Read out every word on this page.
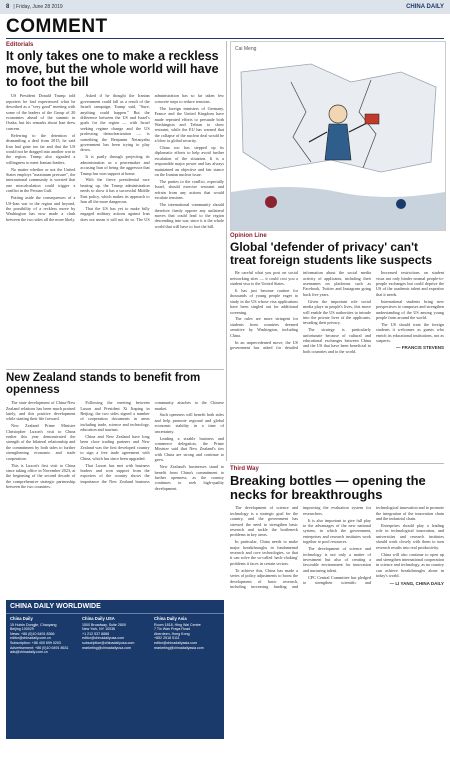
8 | Friday, June 28 2019	CHINA DAILY
COMMENT
Editorials
It only takes one to make a reckless move, but the whole world will have to foot the bill

US President Donald Trump told reporters he had experienced what he described as a "very good" meeting with some of the leaders of the Group of 20 economies ahead of the summit in Osaka, but his remarks about Iran drew concern.

Referring to the detention of dismantling a deal from 2015, he said Iran had gone too far and that the US would not be dragged into another war in the region. Trump also signaled a willingness to meet Iranian leaders.

No matter whether or not the United States employs "maximum pressure", the international community is worried that one miscalculation could trigger a conflict in the Persian Gulf.

Putting aside the consequences of a US-Iran war to the region and beyond, the possibility of a reckless move by Washington has now made a clash between the two sides all the more likely.

Asked if he thought the Iranian government could fall as a result of the Israeli campaign, Trump said, "Sure, anything could happen." But the difference between the US and Israel's goals for the region — with Israel seeking regime change and the US professing denuclearization — is something the Benjamin Netanyahu government has been trying to play down.

It is partly through projecting its administration as a peacemaker and accusing Iran of being the aggressor that Trump has won support at home.

With the fierce presidential race heating up, the Trump administration needs to show it has a successful Middle East policy, which makes its approach to Iran all the more dangerous.

That the US has yet to make fully engaged military actions against Iran does not mean it will not do so. The US administration has so far taken few concrete steps to reduce tensions.

The foreign ministers of Germany, France and the United Kingdom have made repeated efforts to persuade both Washington and Tehran to show restraint, while the EU has warned that the collapse of the nuclear deal would be a blow to global security.

China too has stepped up its diplomatic efforts to help avoid further escalation of the situation. It is a responsible major power and has always maintained an objective and fair stance on the Iranian nuclear issue.

The parties to the conflict, especially Israel, should exercise restraint and refrain from any actions that would escalate tensions.

The international community should therefore firmly oppose any unilateral moves that could lead to the region descending into war, since it is the whole world that will have to foot the bill.

Cai Meng
Opinion Line
Global 'defender of privacy' can't treat foreign students like suspects

Be careful what you post on social networking sites — it could cost you a student visa to the United States.

It has just become routine for thousands of young people eager to study in the US whose visa applications have been singled out for additional screening.

The rules are more stringent for students from countries deemed sensitive by Washington, including China.

In an unprecedented move, the US government has asked for detailed information about the social media activity of applicants, including their usernames on platforms such as Facebook, Twitter and Instagram going back five years.

Given the important role social media plays in people's lives, this move will enable the US authorities to intrude into the private lives of the applicants, invading their privacy.

The strategy is particularly unfortunate because of cultural and educational exchanges between China and the US that have been beneficial to both countries and to the world.

Increased restrictions on student visas not only hinder normal people-to-people exchanges but could deprive the US of the academic talent and expertise that it needs.

International students bring new perspectives to campuses and strengthen understanding of the US among young people from around the world.

The US should treat the foreign students it welcomes as guests who enrich its educational institutions, not as suspects.

— FRANCIS STEVENS
New Zealand stands to benefit from openness

The state development of China-New Zealand relations has been much praised lately, and this positive development while starting their life forward.

New Zealand Prime Minister Christopher Luxon's visit to China earlier this year demonstrated the strength of the bilateral relationship and the commitment by both sides to further strengthening economic and trade cooperation.

This is Luxon's first visit to China since taking office in November 2023, at the beginning of the second decade of the comprehensive strategic partnership between the two countries.

Following the meeting between Luxon and President Xi Jinping in Beijing, the two sides signed a number of cooperation documents in areas including trade, science and technology, education and tourism.

China and New Zealand have long been close trading partners and New Zealand was the first developed country to sign a free trade agreement with China, which has since been upgraded.

That Luxon has met with business leaders and won support from the exporters of the country shows the importance the New Zealand business community attaches to the Chinese market.

Such openness will benefit both sides and help promote regional and global economic stability in a time of uncertainty.

Leading a sizable business and commerce delegation, the Prime Minister said that New Zealand's ties with China are strong and continue to grow.

New Zealand's businesses stand to benefit from China's commitment to further openness, as the country continues to seek high-quality development.

Third Way
Breaking bottles — opening the necks for breakthroughs

The development of science and technology is a strategic goal for the country, and the government has stressed the need to strengthen basic research and tackle the bottleneck problems in key areas.

In particular, China needs to make major breakthroughs in fundamental research and core technologies, so that it can solve the so-called 'neck-choking' problems it faces in certain sectors.

To achieve this, China has made a series of policy adjustments to boost the development of basic research, including increasing funding and improving the evaluation system for researchers.

It is also important to give full play to the advantages of the new national system, in which the government, enterprises and research institutes work together to pool resources.

The development of science and technology is not only a matter of investment but also of creating a favorable environment for innovation and nurturing talent.

CPC Central Committee has pledged to strengthen scientific and technological innovation and to promote the integration of the innovation chain and the industrial chain.

Enterprises should play a leading role in technological innovation, and universities and research institutes should work closely with them to turn research results into real productivity.

China will also continue to open up and strengthen international cooperation in science and technology, as no country can achieve breakthroughs alone in today's world.

— LI YANG, CHINA DAILY
CHINA DAILY WORLDWIDE
China Daily
15 Huixin Dongjie, Chaoyang
Beijing 100029
News: +86 (0)10 6491 8366
editor@chinadaily.com.cn
Subscription: +86 400 699 0203
Advertisement: +86 (0)10 6491 8631
ads@chinadaily.com.cn
China Daily USA
1500 Broadway, Suite 2800
New York, NY 10036
+1 212 537 8888
editor@chinadailyusa.com
subscription@chinadailyusa.com
marketing@chinadailyusa.com
China Daily Asia
Room 1818, Hing Wai Centre
7 Tin Wan Praya Road
Aberdeen, Hong Kong
+852 2518 5111
editor@chinadailyasia.com
marketing@chinadailyasia.com
